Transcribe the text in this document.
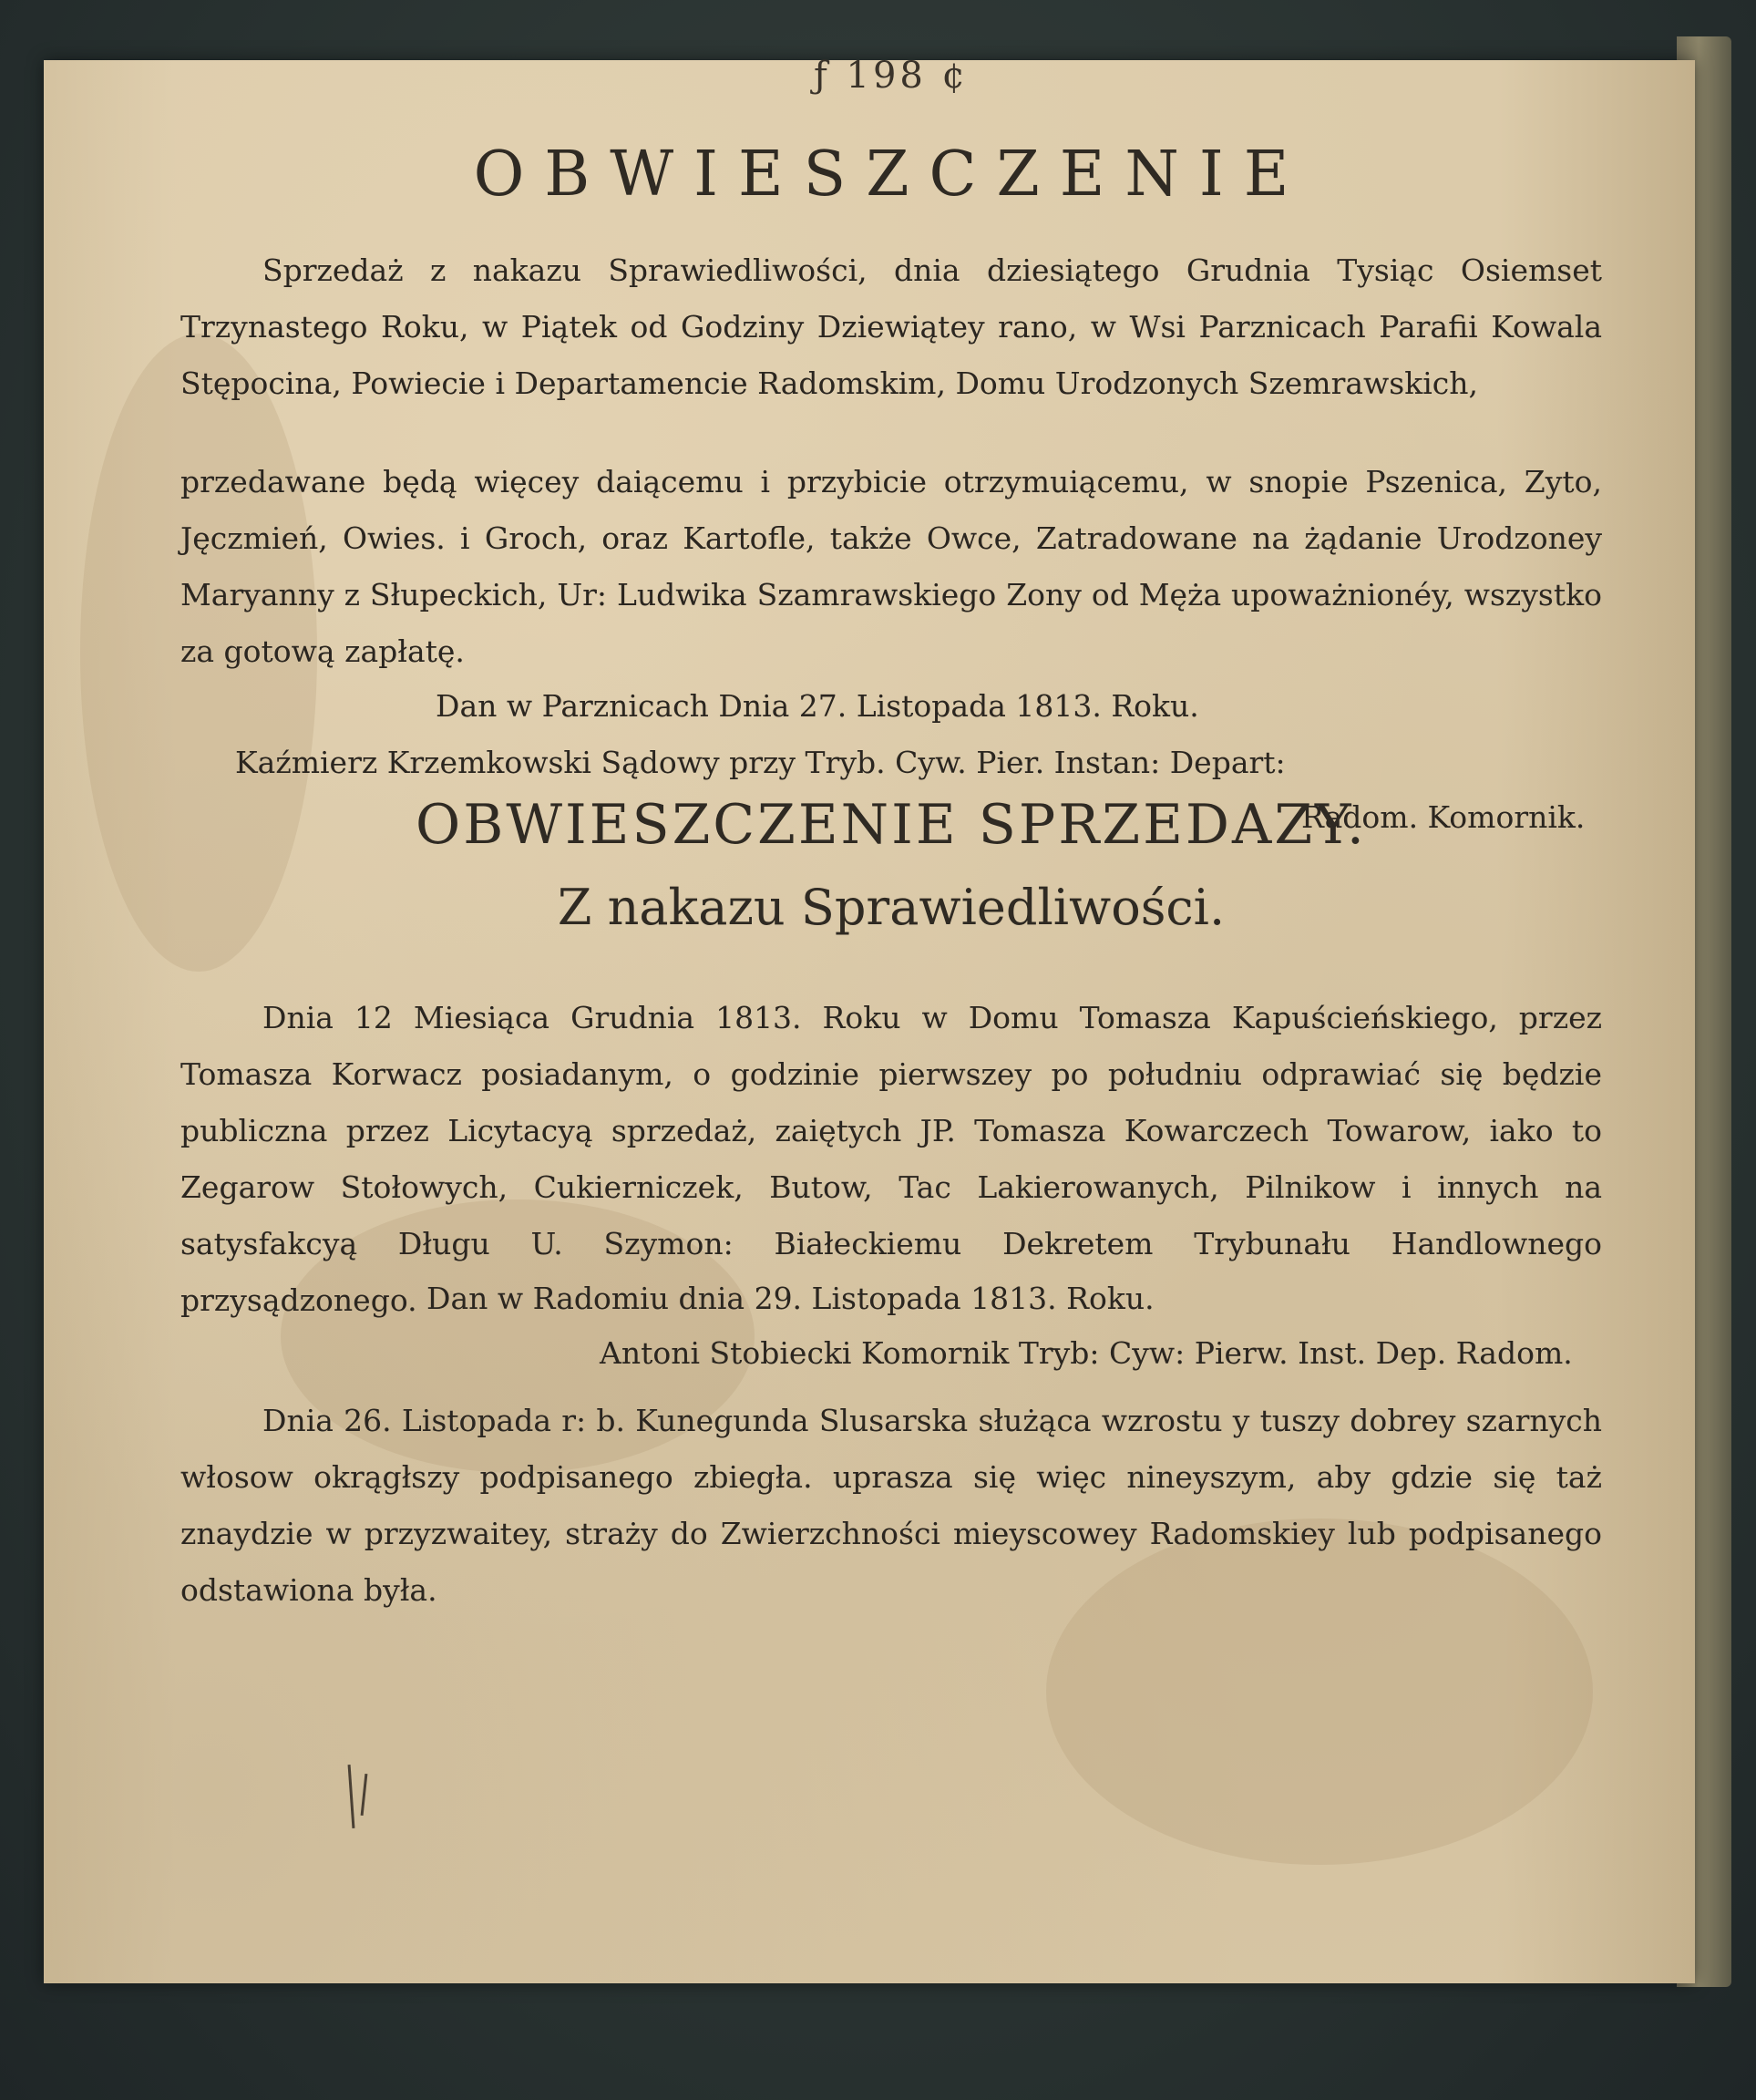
ƒ 198 ¢
OBWIESZCZENIE

Sprzedaż z nakazu Sprawiedliwości, dnia dziesiątego Grudnia Tysiąc Osiemset Trzynastego Roku, w Piątek od Godziny Dziewiątey rano, w Wsi Parznicach Parafii Kowala Stępocina, Powiecie i Departamencie Radomskim, Domu Urodzonych Szemrawskich,

przedawane będą więcey daiącemu i przybicie otrzymuiącemu, w snopie Pszenica, Zyto, Jęczmień, Owies. i Groch, oraz Kartofle, także Owce, Zatradowane na żądanie Urodzoney Maryanny z Słupeckich, Ur: Ludwika Szamrawskiego Zony od Męża upoważnionéy, wszystko za gotową zapłatę.

Dan w Parznicach Dnia 27. Listopada 1813. Roku.

Kaźmierz Krzemkowski Sądowy przy Tryb. Cyw. Pier. Instan: Depart:

Radom. Komornik.

OBWIESZCZENIE SPRZEDAZY.
Z nakazu Sprawiedliwości.

Dnia 12 Miesiąca Grudnia 1813. Roku w Domu Tomasza Kapuścieńskiego, przez Tomasza Korwacz posiadanym, o godzinie pierwszey po południu odprawiać się będzie publiczna przez Licytacyą sprzedaż, zaiętych JP. Tomasza Kowarczech Towarow, iako to Zegarow Stołowych, Cukierniczek, Butow, Tac Lakierowanych, Pilnikow i innych na satysfakcyą Długu U. Szymon: Białeckiemu Dekretem Trybunału Handlownego przysądzonego. Dan w Radomiu dnia 29. Listopada 1813. Roku.

Antoni Stobiecki Komornik Tryb: Cyw: Pierw. Inst. Dep. Radom.

Dnia 26. Listopada r: b. Kunegunda Slusarska służąca wzrostu y tuszy dobrey szarnych włosow okrągłszy podpisanego zbiegła. uprasza się więc nineyszym, aby gdzie się taż znaydzie w przyzwaitey, straży do Zwierzchności mieyscowey Radomskiey lub podpisanego odstawiona była.
